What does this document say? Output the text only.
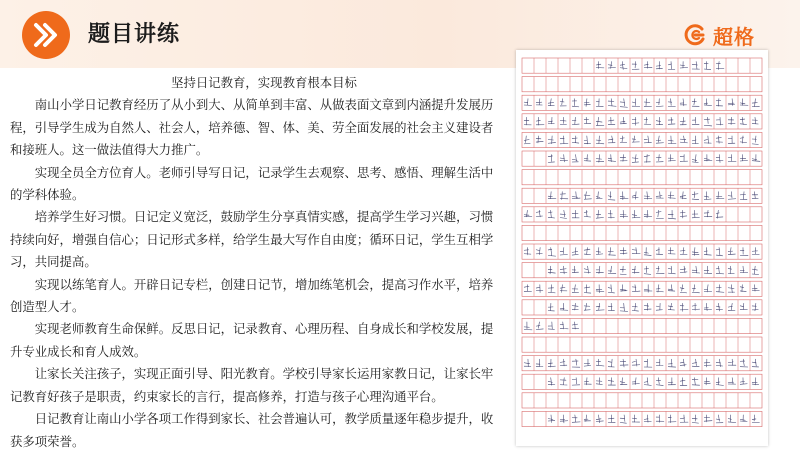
题目讲练	超格
坚持日记教育，实现教育根本目标

南山小学日记教育经历了从小到大、从简单到丰富、从做表面文章到内涵提升发展历程，引导学生成为自然人、社会人，培养德、智、体、美、劳全面发展的社会主义建设者和接班人。这一做法值得大力推广。

实现全员全方位育人。老师引导写日记，记录学生去观察、思考、感悟、理解生活中的学科体验。

培养学生好习惯。日记定义宽泛，鼓励学生分享真情实感，提高学生学习兴趣，习惯持续向好，增强自信心；日记形式多样，给学生最大写作自由度；循环日记，学生互相学习，共同提高。

实现以练笔育人。开辟日记专栏，创建日记节，增加练笔机会，提高习作水平，培养创造型人才。

实现老师教育生命保鲜。反思日记，记录教育、心理历程、自身成长和学校发展，提升专业成长和育人成效。

让家长关注孩子，实现正面引导、阳光教育。学校引导家长运用家教日记，让家长牢记教育好孩子是职责，约束家长的言行，提高修养，打造与孩子心理沟通平台。

日记教育让南山小学各项工作得到家长、社会普遍认可，教学质量逐年稳步提升，收获多项荣誉。
